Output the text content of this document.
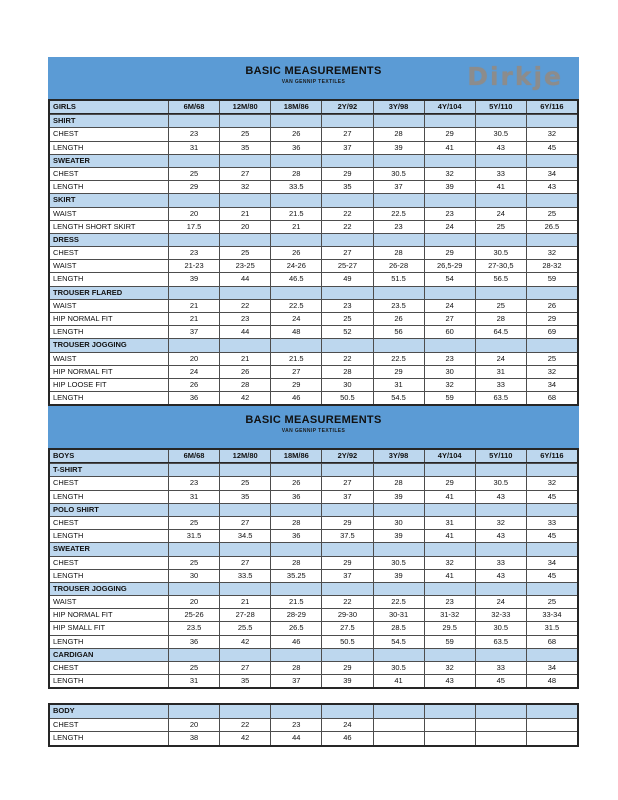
BASIC MEASUREMENTS
VAN GENNIP TEXTILES	Dirkje
GIRLS	6M/68	12M/80	18M/86	2Y/92	3Y/98	4Y/104	5Y/110	6Y/116
SHIRT
CHEST	23	25	26	27	28	29	30.5	32
LENGTH	31	35	36	37	39	41	43	45
SWEATER
CHEST	25	27	28	29	30.5	32	33	34
LENGTH	29	32	33.5	35	37	39	41	43
SKIRT
WAIST	20	21	21.5	22	22.5	23	24	25
LENGTH SHORT SKIRT	17.5	20	21	22	23	24	25	26.5
DRESS
CHEST	23	25	26	27	28	29	30.5	32
WAIST	21-23	23-25	24-26	25-27	26-28	26,5-29	27-30,5	28-32
LENGTH	39	44	46.5	49	51.5	54	56.5	59
TROUSER FLARED
WAIST	21	22	22.5	23	23.5	24	25	26
HIP NORMAL FIT	21	23	24	25	26	27	28	29
LENGTH	37	44	48	52	56	60	64.5	69
TROUSER JOGGING
WAIST	20	21	21.5	22	22.5	23	24	25
HIP NORMAL FIT	24	26	27	28	29	30	31	32
HIP LOOSE FIT	26	28	29	30	31	32	33	34
LENGTH	36	42	46	50.5	54.5	59	63.5	68
BASIC MEASUREMENTS
VAN GENNIP TEXTILES
BOYS	6M/68	12M/80	18M/86	2Y/92	3Y/98	4Y/104	5Y/110	6Y/116
T-SHIRT
CHEST	23	25	26	27	28	29	30.5	32
LENGTH	31	35	36	37	39	41	43	45
POLO SHIRT
CHEST	25	27	28	29	30	31	32	33
LENGTH	31.5	34.5	36	37.5	39	41	43	45
SWEATER
CHEST	25	27	28	29	30.5	32	33	34
LENGTH	30	33.5	35.25	37	39	41	43	45
TROUSER JOGGING
WAIST	20	21	21.5	22	22.5	23	24	25
HIP NORMAL FIT	25-26	27-28	28-29	29-30	30-31	31-32	32-33	33-34
HIP SMALL FIT	23.5	25.5	26.5	27.5	28.5	29.5	30.5	31.5
LENGTH	36	42	46	50.5	54.5	59	63.5	68
CARDIGAN
CHEST	25	27	28	29	30.5	32	33	34
LENGTH	31	35	37	39	41	43	45	48
BODY
CHEST	20	22	23	24
LENGTH	38	42	44	46
